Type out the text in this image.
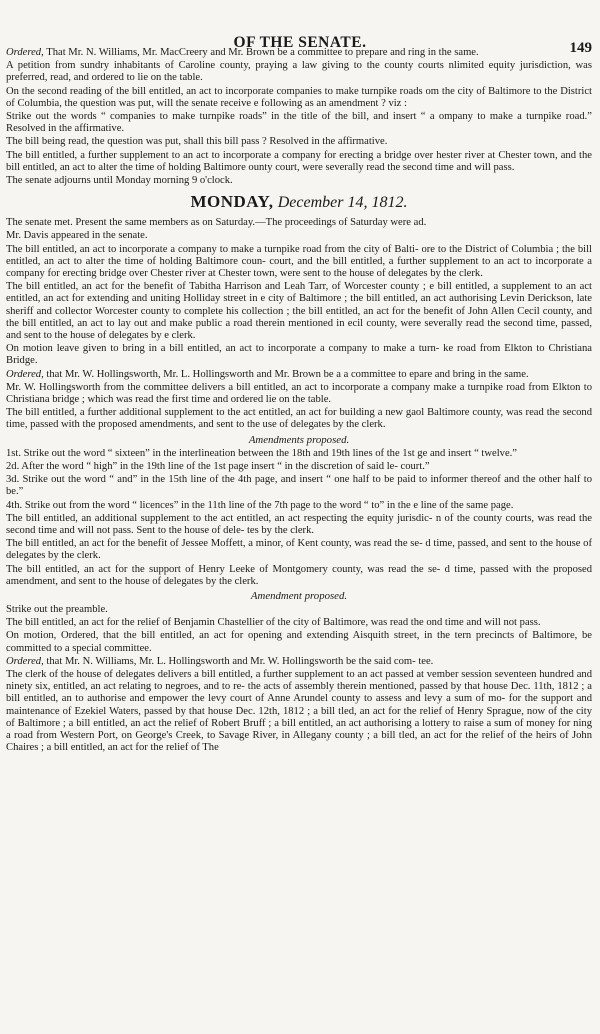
OF THE SENATE.	149

Ordered, That Mr. N. Williams, Mr. MacCreery and Mr. Brown be a committee to prepare and ring in the same.

A petition from sundry inhabitants of Caroline county, praying a law giving to the county courts nlimited equity jurisdiction, was preferred, read, and ordered to lie on the table.

On the second reading of the bill entitled, an act to incorporate companies to make turnpike roads om the city of Baltimore to the District of Columbia, the question was put, will the senate receive e following as an amendment ? viz :

Strike out the words “ companies to make turnpike roads” in the title of the bill, and insert “ a ompany to make a turnpike road.” Resolved in the affirmative.

The bill being read, the question was put, shall this bill pass ? Resolved in the affirmative.

The bill entitled, a further supplement to an act to incorporate a company for erecting a bridge over hester river at Chester town, and the bill entitled, an act to alter the time of holding Baltimore ounty court, were severally read the second time and will pass.

The senate adjourns until Monday morning 9 o'clock.

MONDAY, December 14, 1812.

The senate met. Present the same members as on Saturday.—The proceedings of Saturday were ad.

Mr. Davis appeared in the senate.

The bill entitled, an act to incorporate a company to make a turnpike road from the city of Balti- ore to the District of Columbia ; the bill entitled, an act to alter the time of holding Baltimore coun- court, and the bill entitled, a further supplement to an act to incorporate a company for erecting bridge over Chester river at Chester town, were sent to the house of delegates by the clerk.

The bill entitled, an act for the benefit of Tabitha Harrison and Leah Tarr, of Worcester county ; e bill entitled, a supplement to an act entitled, an act for extending and uniting Holliday street in e city of Baltimore ; the bill entitled, an act authorising Levin Derickson, late sheriff and collector Worcester county to complete his collection ; the bill entitled, an act for the benefit of John Allen Cecil county, and the bill entitled, an act to lay out and make public a road therein mentioned in ecil county, were severally read the second time, passed, and sent to the house of delegates by e clerk.

On motion leave given to bring in a bill entitled, an act to incorporate a company to make a turn- ke road from Elkton to Christiana Bridge.

Ordered, that Mr. W. Hollingsworth, Mr. L. Hollingsworth and Mr. Brown be a a committee to epare and bring in the same.

Mr. W. Hollingsworth from the committee delivers a bill entitled, an act to incorporate a company make a turnpike road from Elkton to Christiana bridge ; which was read the first time and ordered lie on the table.

The bill entitled, a further additional supplement to the act entitled, an act for building a new gaol Baltimore county, was read the second time, passed with the proposed amendments, and sent to the use of delegates by the clerk.

Amendments proposed.

1st. Strike out the word “ sixteen” in the interlineation between the 18th and 19th lines of the 1st ge and insert “ twelve.”

2d. After the word “ high” in the 19th line of the 1st page insert “ in the discretion of said le- court.”

3d. Strike out the word “ and” in the 15th line of the 4th page, and insert “ one half to be paid to informer thereof and the other half to be.”

4th. Strike out from the word “ licences” in the 11th line of the 7th page to the word “ to” in the e line of the same page.

The bill entitled, an additional supplement to the act entitled, an act respecting the equity jurisdic- n of the county courts, was read the second time and will not pass. Sent to the house of dele- tes by the clerk.

The bill entitled, an act for the benefit of Jessee Moffett, a minor, of Kent county, was read the se- d time, passed, and sent to the house of delegates by the clerk.

The bill entitled, an act for the support of Henry Leeke of Montgomery county, was read the se- d time, passed with the proposed amendment, and sent to the house of delegates by the clerk.

Amendment proposed.

Strike out the preamble.

The bill entitled, an act for the relief of Benjamin Chastellier of the city of Baltimore, was read the ond time and will not pass.

On motion, Ordered, that the bill entitled, an act for opening and extending Aisquith street, in the tern precincts of Baltimore, be committed to a special committee.

Ordered, that Mr. N. Williams, Mr. L. Hollingsworth and Mr. W. Hollingsworth be the said com- tee.

The clerk of the house of delegates delivers a bill entitled, a further supplement to an act passed at vember session seventeen hundred and ninety six, entitled, an act relating to negroes, and to re- the acts of assembly therein mentioned, passed by that house Dec. 11th, 1812 ; a bill entitled, an to authorise and empower the levy court of Anne Arundel county to assess and levy a sum of mo- for the support and maintenance of Ezekiel Waters, passed by that house Dec. 12th, 1812 ; a bill tled, an act for the relief of Henry Sprague, now of the city of Baltimore ; a bill entitled, an act the relief of Robert Bruff ; a bill entitled, an act authorising a lottery to raise a sum of money for ning a road from Western Port, on George's Creek, to Savage River, in Allegany county ; a bill tled, an act for the relief of the heirs of John Chaires ; a bill entitled, an act for the relief of The
